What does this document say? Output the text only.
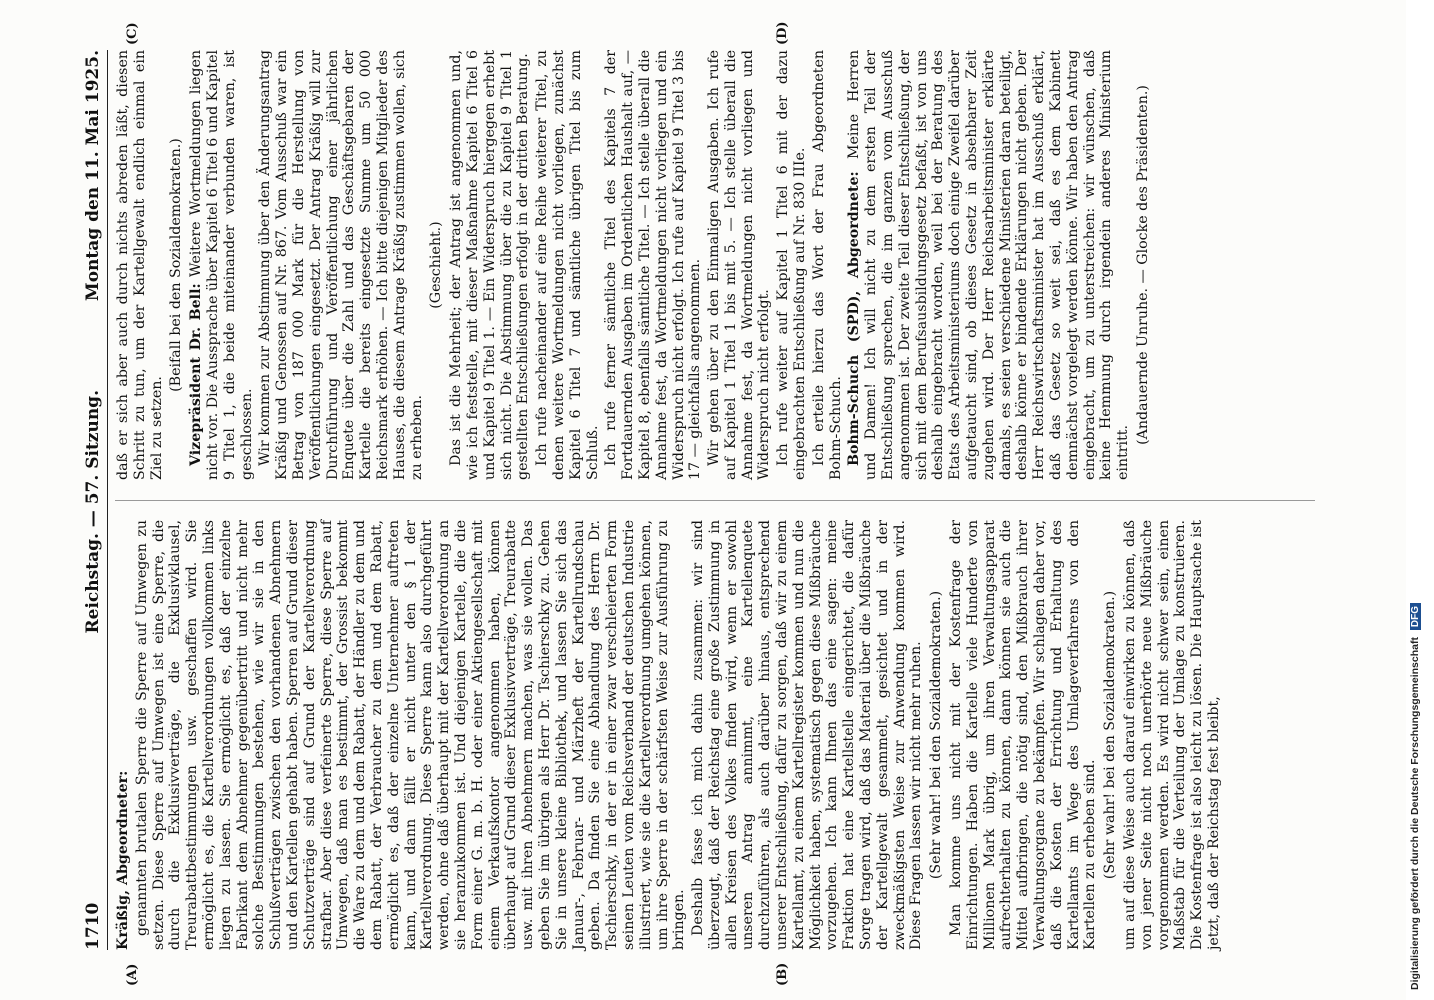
1710
Reichstag. — 57. Sitzung.
Montag den 11. Mai 1925.
(A)	(B)
(C)	(D)

Kräßig, Abgeordneter: genannten brutalen Sperre die Sperre auf Umwegen zu setzen. Diese Sperre auf Umwegen ist eine Sperre, die durch die Exklusivverträge, die Exklusivklausel, Treurabattbestimmungen usw. geschaffen wird. Sie ermöglicht es, die Kartellverordnungen vollkommen links liegen zu lassen. Sie ermöglicht es, daß der einzelne Fabrikant dem Abnehmer gegenübertritt und nicht mehr solche Bestimmungen bestehen, wie wir sie in den Schlußverträgen zwischen den vorhandenen Abnehmern und den Kartellen gehabt haben. Sperren auf Grund dieser Schutzverträge sind auf Grund der Kartellverordnung strafbar. Aber diese verfeinerte Sperre, diese Sperre auf Umwegen, daß man es bestimmt, der Grossist bekommt die Ware zu dem und dem Rabatt, der Händler zu dem und dem Rabatt, der Verbraucher zu dem und dem Rabatt, ermöglicht es, daß der einzelne Unternehmer auftreten kann, und dann fällt er nicht unter den § 1 der Kartellverordnung. Diese Sperre kann also durchgeführt werden, ohne daß überhaupt mit der Kartellverordnung an sie heranzukommen ist. Und diejenigen Kartelle, die die Form einer G. m. b. H. oder einer Aktiengesellschaft mit einem Verkaufskontor angenommen haben, können überhaupt auf Grund dieser Exklusivverträge, Treurabatte usw. mit ihren Abnehmern machen, was sie wollen. Das geben Sie im übrigen als Herr Dr. Tschierschky zu. Gehen Sie in unsere kleine Bibliothek, und lassen Sie sich das Januar-, Februar- und Märzheft der Kartellrundschau geben. Da finden Sie eine Abhandlung des Herrn Dr. Tschierschky, in der er in einer zwar verschleierten Form seinen Leuten vom Reichsverband der deutschen Industrie illustriert, wie sie die Kartellverordnung umgehen können, um ihre Sperre in der schärfsten Weise zur Ausführung zu bringen. Deshalb fasse ich mich dahin zusammen: wir sind überzeugt, daß der Reichstag eine große Zustimmung in allen Kreisen des Volkes finden wird, wenn er sowohl unseren Antrag annimmt, eine Kartellenquete durchzuführen, als auch darüber hinaus, entsprechend unserer Entschließung, dafür zu sorgen, daß wir zu einem Kartellamt, zu einem Kartellregister kommen und nun die Möglichkeit haben, systematisch gegen diese Mißbräuche vorzugehen. Ich kann Ihnen das eine sagen: meine Fraktion hat eine Kartellstelle eingerichtet, die dafür Sorge tragen wird, daß das Material über die Mißbräuche der Kartellgewalt gesammelt, gesichtet und in der zweckmäßigsten Weise zur Anwendung kommen wird. Diese Fragen lassen wir nicht mehr ruhen. (Sehr wahr! bei den Sozialdemokraten.) Man komme uns nicht mit der Kostenfrage der Einrichtungen. Haben die Kartelle viele Hunderte von Millionen Mark übrig, um ihren Verwaltungsapparat aufrechterhalten zu können, dann können sie auch die Mittel aufbringen, die nötig sind, den Mißbrauch ihrer Verwaltungsorgane zu bekämpfen. Wir schlagen daher vor, daß die Kosten der Errichtung und Erhaltung des Kartellamts im Wege des Umlageverfahrens von den Kartellen zu erheben sind. (Sehr wahr! bei den Sozialdemokraten.) um auf diese Weise auch darauf einwirken zu können, daß von jener Seite nicht noch unerhörte neue Mißbräuche vorgenommen werden. Es wird nicht schwer sein, einen Maßstab für die Verteilung der Umlage zu konstruieren. Die Kostenfrage ist also leicht zu lösen. Die Hauptsache ist jetzt, daß der Reichstag fest bleibt,

daß er sich aber auch durch nichts abreden läßt, diesen Schritt zu tun, um der Kartellgewalt endlich einmal ein Ziel zu setzen.

(Beifall bei den Sozialdemokraten.) Vizepräsident Dr. Bell: Weitere Wortmeldungen liegen nicht vor. Die Aussprache über Kapitel 6 Titel 6 und Kapitel 9 Titel 1, die beide miteinander verbunden waren, ist geschlossen. Wir kommen zur Abstimmung über den Änderungsantrag Kräßig und Genossen auf Nr. 867. Vom Ausschuß war ein Betrag von 187 000 Mark für die Herstellung von Veröffentlichungen eingesetzt. Der Antrag Kräßig will zur Durchführung und Veröffentlichung einer jährlichen Enquete über die Zahl und das Geschäftsgebaren der Kartelle die bereits eingesetzte Summe um 50 000 Reichsmark erhöhen. — Ich bitte diejenigen Mitglieder des Hauses, die diesem Antrage Kräßig zustimmen wollen, sich zu erheben.

(Geschieht.) Das ist die Mehrheit; der Antrag ist angenommen und, wie ich feststelle, mit dieser Maßnahme Kapitel 6 Titel 6 und Kapitel 9 Titel 1. — Ein Widerspruch hiergegen erhebt sich nicht. Die Abstimmung über die zu Kapitel 9 Titel 1 gestellten Entschließungen erfolgt in der dritten Beratung. Ich rufe nacheinander auf eine Reihe weiterer Titel, zu denen weitere Wortmeldungen nicht vorliegen, zunächst Kapitel 6 Titel 7 und sämtliche übrigen Titel bis zum Schluß. Ich rufe ferner sämtliche Titel des Kapitels 7 der Fortdauernden Ausgaben im Ordentlichen Haushalt auf, — Kapitel 8, ebenfalls sämtliche Titel. — Ich stelle überall die Annahme fest, da Wortmeldungen nicht vorliegen und ein Widerspruch nicht erfolgt. Ich rufe auf Kapitel 9 Titel 3 bis 17 — gleichfalls angenommen. Wir gehen über zu den Einmaligen Ausgaben. Ich rufe auf Kapitel 1 Titel 1 bis mit 5. — Ich stelle überall die Annahme fest, da Wortmeldungen nicht vorliegen und Widerspruch nicht erfolgt. Ich rufe weiter auf Kapitel 1 Titel 6 mit der dazu eingebrachten Entschließung auf Nr. 830 IIIe. Ich erteile hierzu das Wort der Frau Abgeordneten Bohm-Schuch. Bohm-Schuch (SPD), Abgeordnete: Meine Herren und Damen! Ich will nicht zu dem ersten Teil der Entschließung sprechen, die im ganzen vom Ausschuß angenommen ist. Der zweite Teil dieser Entschließung, der sich mit dem Berufsausbildungsgesetz befaßt, ist von uns deshalb eingebracht worden, weil bei der Beratung des Etats des Arbeitsministeriums doch einige Zweifel darüber aufgetaucht sind, ob dieses Gesetz in absehbarer Zeit zugehen wird. Der Herr Reichsarbeitsminister erklärte damals, es seien verschiedene Ministerien daran beteiligt, deshalb könne er bindende Erklärungen nicht geben. Der Herr Reichswirtschaftsminister hat im Ausschuß erklärt, daß das Gesetz so weit sei, daß es dem Kabinett demnächst vorgelegt werden könne. Wir haben den Antrag eingebracht, um zu unterstreichen: wir wünschen, daß keine Hemmung durch irgendein anderes Ministerium eintritt.

(Andauernde Unruhe. — Glocke des Präsidenten.)

Digitalisierung gefördert durch die Deutsche Forschungsgemeinschaft DFG
